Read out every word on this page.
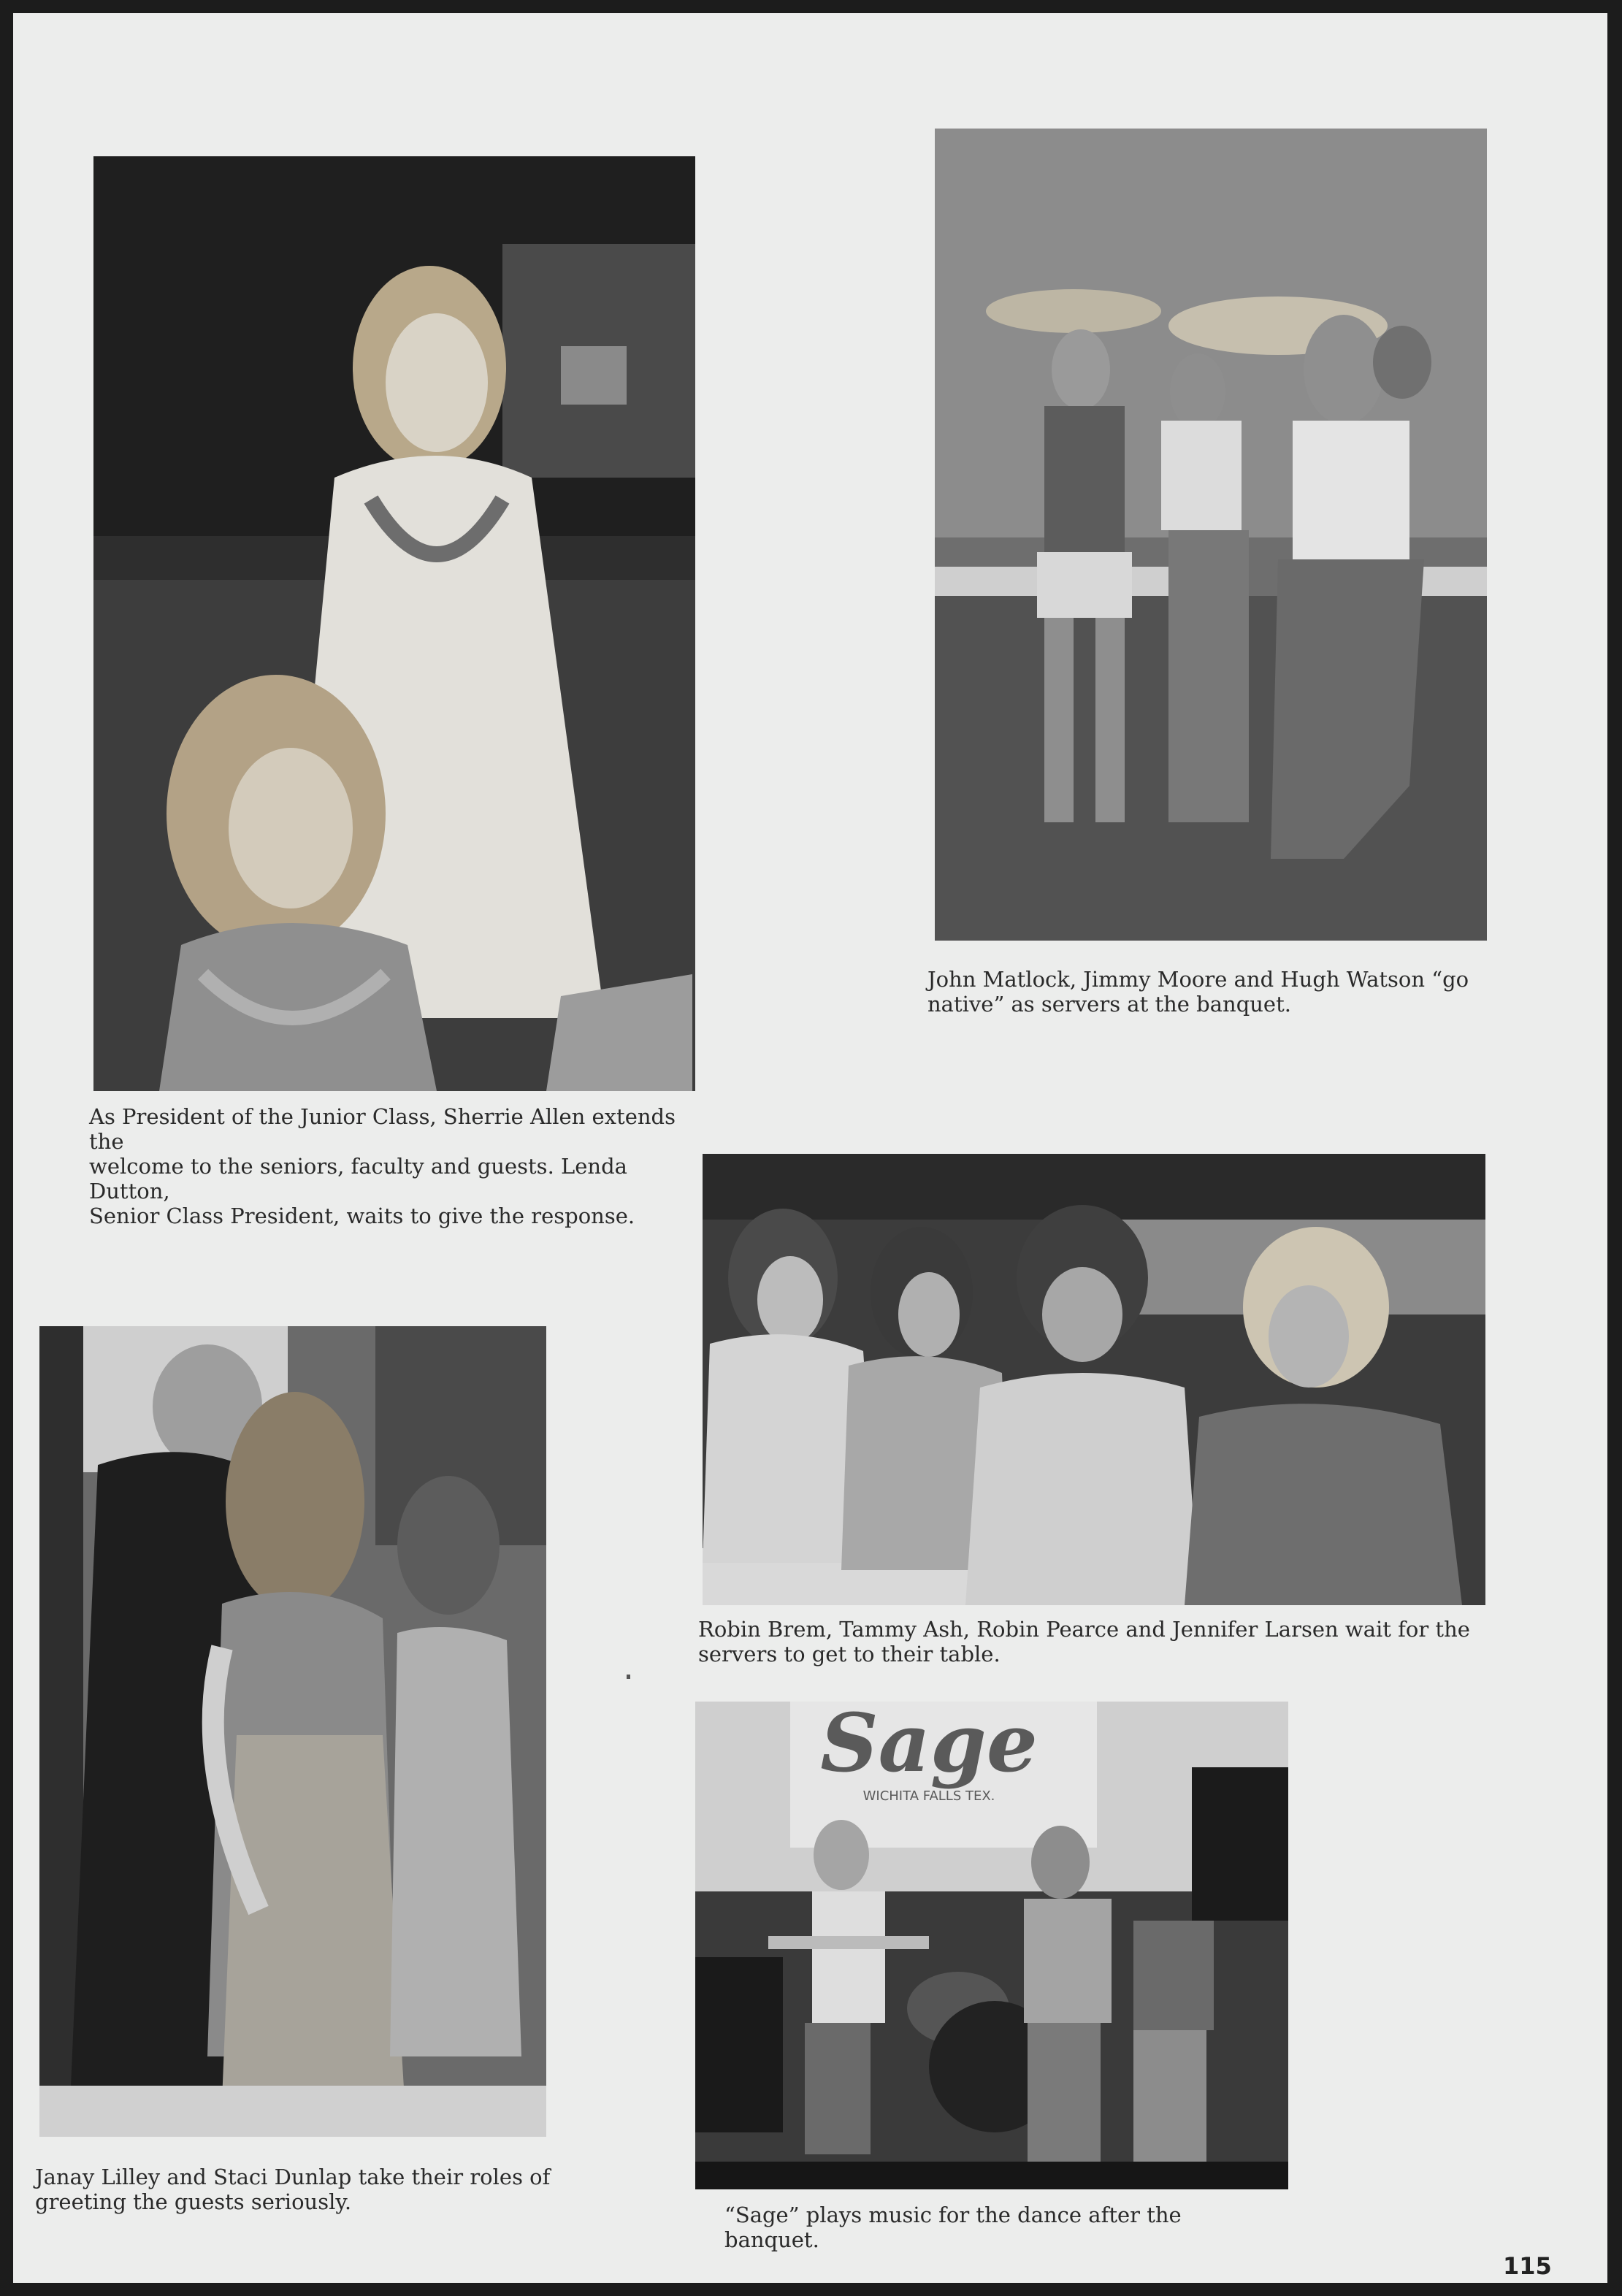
As President of the Junior Class, Sherrie Allen extends the
welcome to the seniors, faculty and guests. Lenda Dutton,
Senior Class President, waits to give the response.

John Matlock, Jimmy Moore and Hugh Watson “go
native” as servers at the banquet.

Robin Brem, Tammy Ash, Robin Pearce and Jennifer Larsen wait for the
servers to get to their table.

Janay Lilley and Staci Dunlap take their roles of
greeting the guests seriously.

Sage
WICHITA FALLS TEX.

“Sage” plays music for the dance after the banquet.

115
